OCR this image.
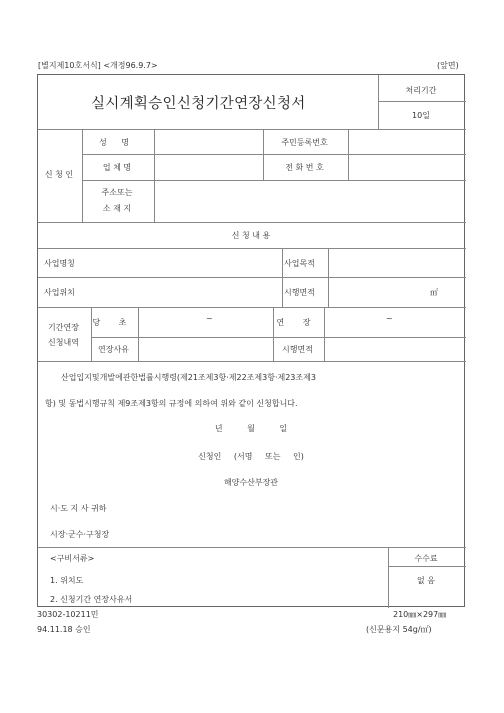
[별지제10호서식] <개정96.9.7>	(앞면)
실시계획승인신청기간연장신청서
처리기간
10일
신 청 인
성 명	주민등록번호
업 체 명	전 화 번 호
주소또는
소 재 지
신 청 내 용
사업명칭	사업목적
사업위치	시행면적	㎡
기간연장
신청내역
당 초	~	연 장	~
연장사유	시행면적
산업입지및개발에관한법률시행령(제21조제3항·제22조제3항·제23조제3
항) 및 동법시행규칙 제9조제3항의 규정에 의하여 위와 같이 신청합니다.
년 월 일
신청인 (서명 또는 인)
해양수산부장관
시·도 지 사 귀하
시장·군수·구청장
<구비서류>
1. 위치도
2. 신청기간 연장사유서
수수료
없 음
30302-10211민	210㎜×297㎜
94.11.18 승인	(신문용지 54g/㎡)
